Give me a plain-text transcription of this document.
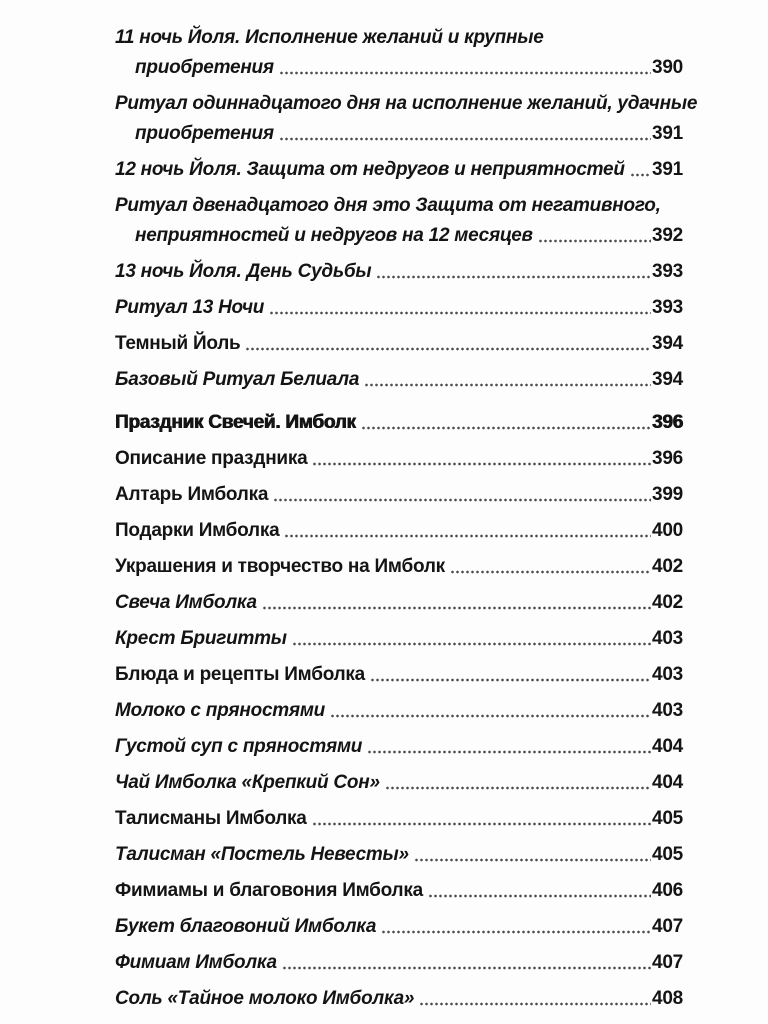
11 ночь Йоля. Исполнение желаний и крупные
приобретения	390
Ритуал одиннадцатого дня на исполнение желаний, удачные
приобретения	391
12 ночь Йоля. Защита от недругов и неприятностей 391
Ритуал двенадцатого дня это Защита от негативного,
неприятностей и недругов на 12 месяцев	392
13 ночь Йоля. День Судьбы	393
Ритуал 13 Ночи	393
Темный Йоль	394
Базовый Ритуал Белиала	394
Праздник Свечей. Имболк	396
Описание праздника	396
Алтарь Имболка	399
Подарки Имболка	400
Украшения и творчество на Имболк	402
Свеча Имболка	402
Крест Бригитты	403
Блюда и рецепты Имболка	403
Молоко с пряностями	403
Густой суп с пряностями	404
Чай Имболка «Крепкий Сон»	404
Талисманы Имболка	405
Талисман «Постель Невесты»	405
Фимиамы и благовония Имболка	406
Букет благовоний Имболка	407
Фимиам Имболка	407
Соль «Тайное молоко Имболка»	408
